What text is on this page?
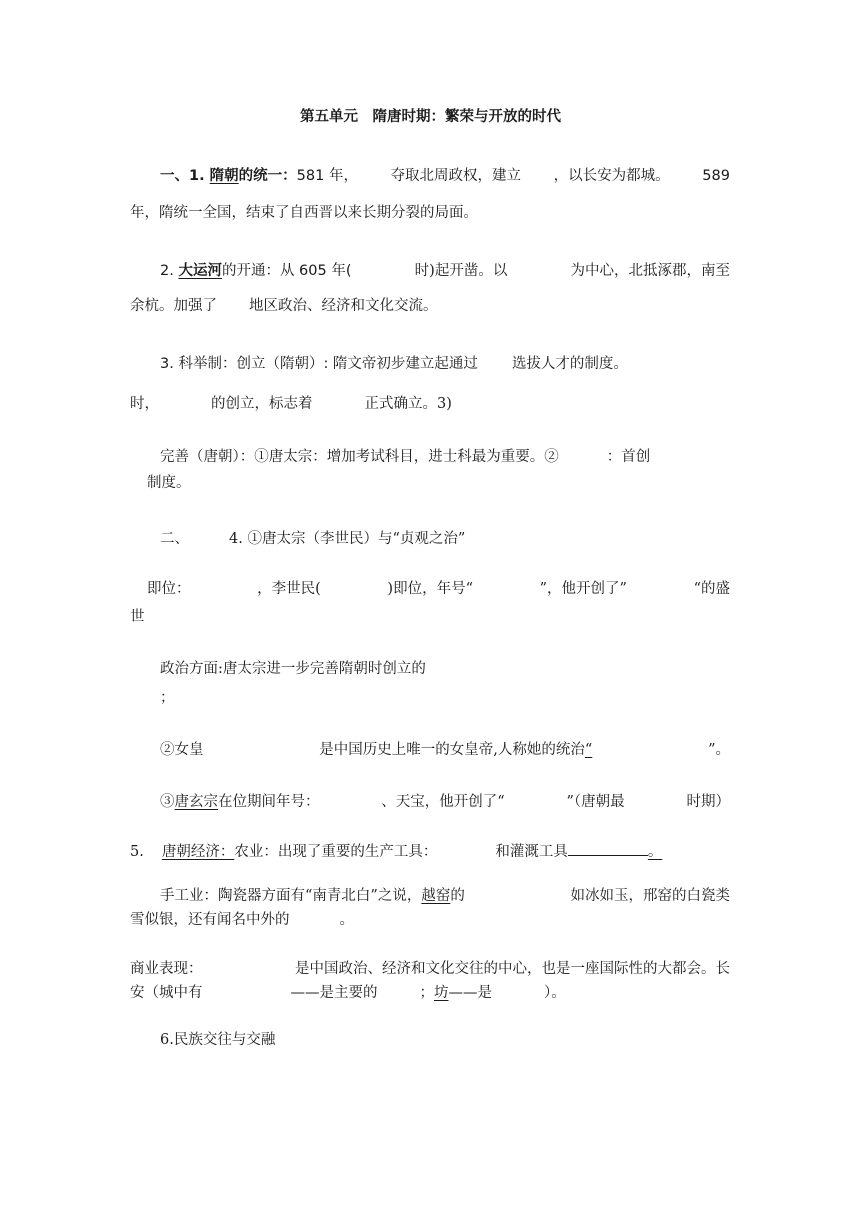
第五单元　隋唐时期：繁荣与开放的时代
一、1. 隋朝的统一：581 年， 夺取北周政权，建立 ，以长安为都城。 589
年，隋统一全国，结束了自西晋以来长期分裂的局面。
2. 大运河的开通：从 605 年(	时)起开凿。以	为中心，北抵涿郡，南至
余杭。加强了 地区政治、经济和文化交流。
3. 科举制：创立（隋朝）: 隋文帝初步建立起通过 选拔人才的制度。
时，	的创立，标志着	正式确立。3)
完善（唐朝）：①唐太宗：增加考试科目，进士科最为重要。②	：首创
制度。
二、	4. ①唐太宗（李世民）与“贞观之治”
即位：	，李世民(	)即位，年号“	”，他开创了”	“的盛
世
政治方面:唐太宗进一步完善隋朝时创立的
；
②女皇	是中国历史上唯一的女皇帝,人称她的统治“	”。
③唐玄宗在位期间年号：	、天宝，他开创了“	”（唐朝最	时期）
5. 唐朝经济：农业：出现了重要的生产工具：	和灌溉工具	。
手工业：陶瓷器方面有“南青北白”之说，越窑的	如冰如玉，邢窑的白瓷类
雪似银，还有闻名中外的	。
商业表现：	是中国政治、经济和文化交往的中心，也是一座国际性的大都会。长
安（城中有	——是主要的	；坊——是	）。
6.民族交往与交融
